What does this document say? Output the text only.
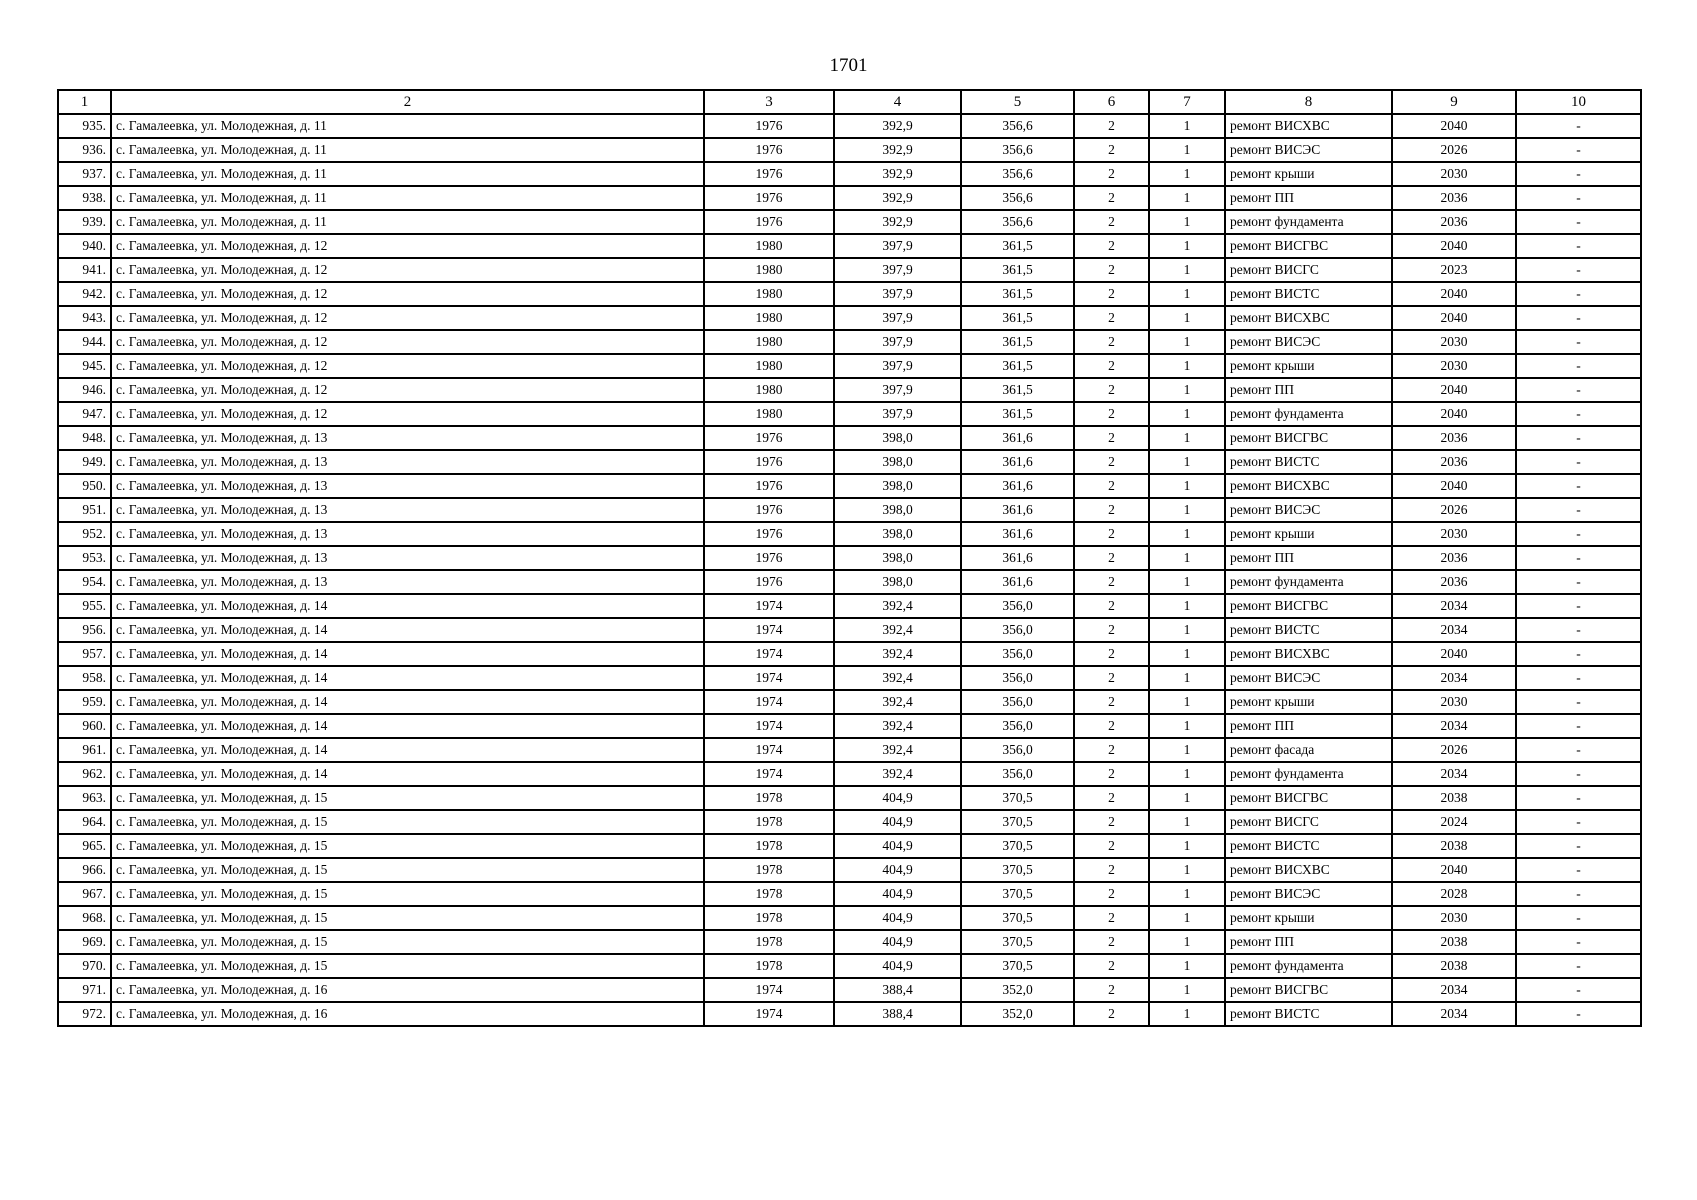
1701
1	2	3	4	5	6	7	8	9	10
935.	с. Гамалеевка, ул. Молодежная, д. 11	1976	392,9	356,6	2	1	ремонт ВИСХВС	2040	-
936.	с. Гамалеевка, ул. Молодежная, д. 11	1976	392,9	356,6	2	1	ремонт ВИСЭС	2026	-
937.	с. Гамалеевка, ул. Молодежная, д. 11	1976	392,9	356,6	2	1	ремонт крыши	2030	-
938.	с. Гамалеевка, ул. Молодежная, д. 11	1976	392,9	356,6	2	1	ремонт ПП	2036	-
939.	с. Гамалеевка, ул. Молодежная, д. 11	1976	392,9	356,6	2	1	ремонт фундамента	2036	-
940.	с. Гамалеевка, ул. Молодежная, д. 12	1980	397,9	361,5	2	1	ремонт ВИСГВС	2040	-
941.	с. Гамалеевка, ул. Молодежная, д. 12	1980	397,9	361,5	2	1	ремонт ВИСГС	2023	-
942.	с. Гамалеевка, ул. Молодежная, д. 12	1980	397,9	361,5	2	1	ремонт ВИСТС	2040	-
943.	с. Гамалеевка, ул. Молодежная, д. 12	1980	397,9	361,5	2	1	ремонт ВИСХВС	2040	-
944.	с. Гамалеевка, ул. Молодежная, д. 12	1980	397,9	361,5	2	1	ремонт ВИСЭС	2030	-
945.	с. Гамалеевка, ул. Молодежная, д. 12	1980	397,9	361,5	2	1	ремонт крыши	2030	-
946.	с. Гамалеевка, ул. Молодежная, д. 12	1980	397,9	361,5	2	1	ремонт ПП	2040	-
947.	с. Гамалеевка, ул. Молодежная, д. 12	1980	397,9	361,5	2	1	ремонт фундамента	2040	-
948.	с. Гамалеевка, ул. Молодежная, д. 13	1976	398,0	361,6	2	1	ремонт ВИСГВС	2036	-
949.	с. Гамалеевка, ул. Молодежная, д. 13	1976	398,0	361,6	2	1	ремонт ВИСТС	2036	-
950.	с. Гамалеевка, ул. Молодежная, д. 13	1976	398,0	361,6	2	1	ремонт ВИСХВС	2040	-
951.	с. Гамалеевка, ул. Молодежная, д. 13	1976	398,0	361,6	2	1	ремонт ВИСЭС	2026	-
952.	с. Гамалеевка, ул. Молодежная, д. 13	1976	398,0	361,6	2	1	ремонт крыши	2030	-
953.	с. Гамалеевка, ул. Молодежная, д. 13	1976	398,0	361,6	2	1	ремонт ПП	2036	-
954.	с. Гамалеевка, ул. Молодежная, д. 13	1976	398,0	361,6	2	1	ремонт фундамента	2036	-
955.	с. Гамалеевка, ул. Молодежная, д. 14	1974	392,4	356,0	2	1	ремонт ВИСГВС	2034	-
956.	с. Гамалеевка, ул. Молодежная, д. 14	1974	392,4	356,0	2	1	ремонт ВИСТС	2034	-
957.	с. Гамалеевка, ул. Молодежная, д. 14	1974	392,4	356,0	2	1	ремонт ВИСХВС	2040	-
958.	с. Гамалеевка, ул. Молодежная, д. 14	1974	392,4	356,0	2	1	ремонт ВИСЭС	2034	-
959.	с. Гамалеевка, ул. Молодежная, д. 14	1974	392,4	356,0	2	1	ремонт крыши	2030	-
960.	с. Гамалеевка, ул. Молодежная, д. 14	1974	392,4	356,0	2	1	ремонт ПП	2034	-
961.	с. Гамалеевка, ул. Молодежная, д. 14	1974	392,4	356,0	2	1	ремонт фасада	2026	-
962.	с. Гамалеевка, ул. Молодежная, д. 14	1974	392,4	356,0	2	1	ремонт фундамента	2034	-
963.	с. Гамалеевка, ул. Молодежная, д. 15	1978	404,9	370,5	2	1	ремонт ВИСГВС	2038	-
964.	с. Гамалеевка, ул. Молодежная, д. 15	1978	404,9	370,5	2	1	ремонт ВИСГС	2024	-
965.	с. Гамалеевка, ул. Молодежная, д. 15	1978	404,9	370,5	2	1	ремонт ВИСТС	2038	-
966.	с. Гамалеевка, ул. Молодежная, д. 15	1978	404,9	370,5	2	1	ремонт ВИСХВС	2040	-
967.	с. Гамалеевка, ул. Молодежная, д. 15	1978	404,9	370,5	2	1	ремонт ВИСЭС	2028	-
968.	с. Гамалеевка, ул. Молодежная, д. 15	1978	404,9	370,5	2	1	ремонт крыши	2030	-
969.	с. Гамалеевка, ул. Молодежная, д. 15	1978	404,9	370,5	2	1	ремонт ПП	2038	-
970.	с. Гамалеевка, ул. Молодежная, д. 15	1978	404,9	370,5	2	1	ремонт фундамента	2038	-
971.	с. Гамалеевка, ул. Молодежная, д. 16	1974	388,4	352,0	2	1	ремонт ВИСГВС	2034	-
972.	с. Гамалеевка, ул. Молодежная, д. 16	1974	388,4	352,0	2	1	ремонт ВИСТС	2034	-
